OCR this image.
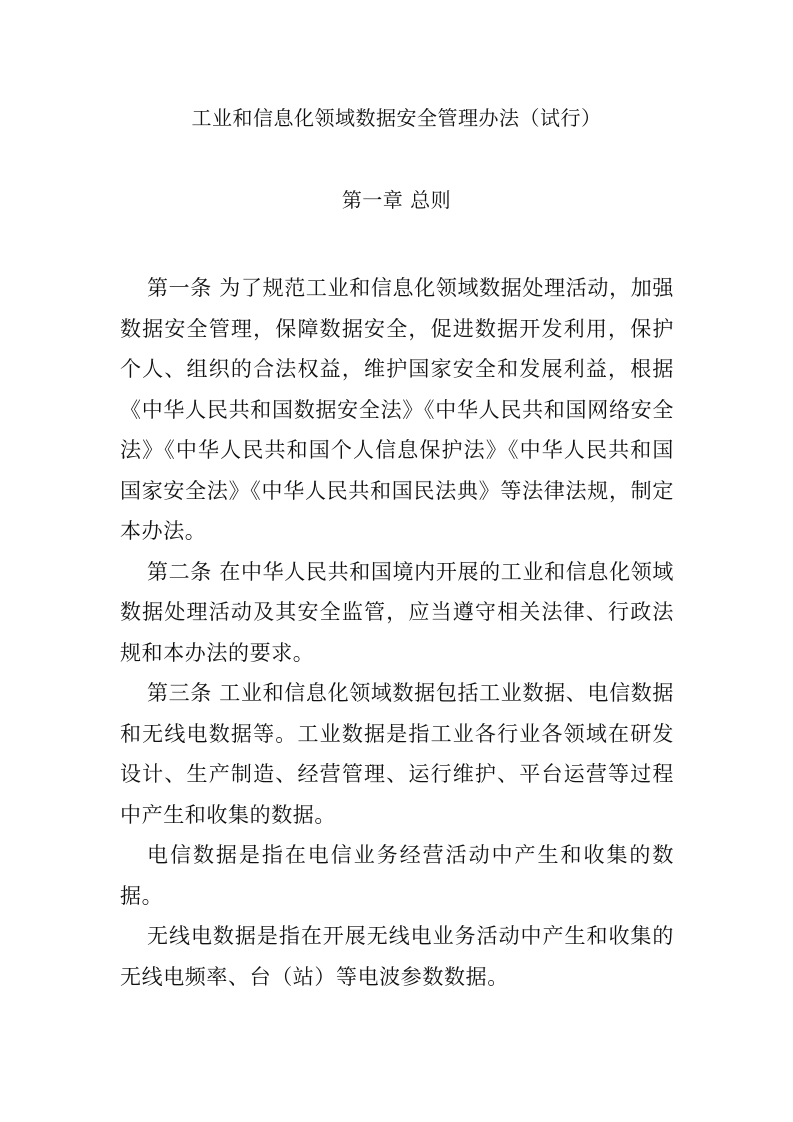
工业和信息化领域数据安全管理办法（试行）
第一章 总则

第一条 为了规范工业和信息化领域数据处理活动，加强数据安全管理，保障数据安全，促进数据开发利用，保护个人、组织的合法权益，维护国家安全和发展利益，根据《中华人民共和国数据安全法》《中华人民共和国网络安全法》《中华人民共和国个人信息保护法》《中华人民共和国国家安全法》《中华人民共和国民法典》等法律法规，制定本办法。

第二条 在中华人民共和国境内开展的工业和信息化领域数据处理活动及其安全监管，应当遵守相关法律、行政法规和本办法的要求。

第三条 工业和信息化领域数据包括工业数据、电信数据和无线电数据等。工业数据是指工业各行业各领域在研发设计、生产制造、经营管理、运行维护、平台运营等过程中产生和收集的数据。

电信数据是指在电信业务经营活动中产生和收集的数据。

无线电数据是指在开展无线电业务活动中产生和收集的无线电频率、台（站）等电波参数数据。
